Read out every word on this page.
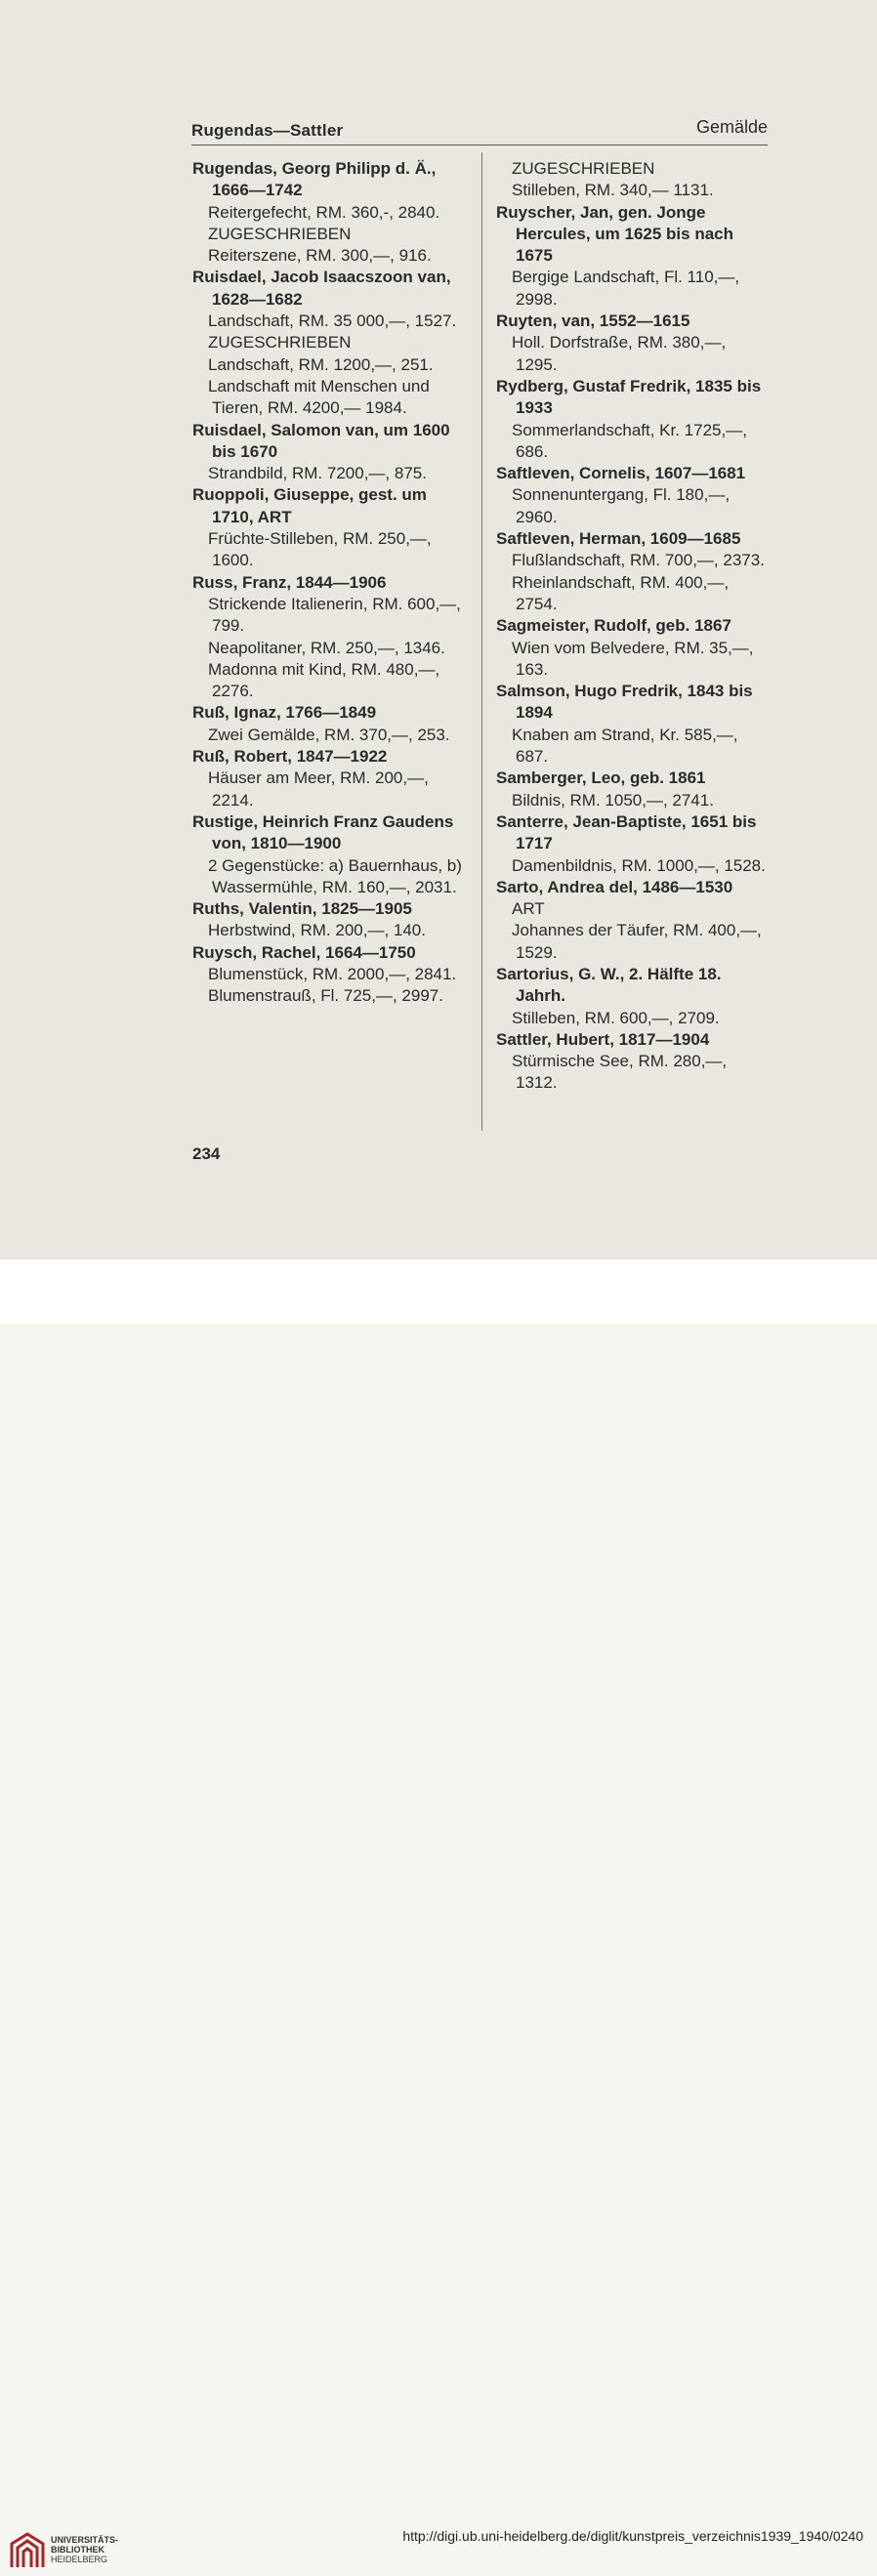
Rugendas—Sattler	Gemälde
Rugendas, Georg Philipp d. Ä., 1666—1742
Reitergefecht, RM. 360,-, 2840.
ZUGESCHRIEBEN
Reiterszene, RM. 300,—, 916.
Ruisdael, Jacob Isaacszoon van, 1628—1682
Landschaft, RM. 35 000,—, 1527.
ZUGESCHRIEBEN
Landschaft, RM. 1200,—, 251.
Landschaft mit Menschen und Tieren, RM. 4200,— 1984.
Ruisdael, Salomon van, um 1600 bis 1670
Strandbild, RM. 7200,—, 875.
Ruoppoli, Giuseppe, gest. um 1710, ART
Früchte-Stilleben, RM. 250,—, 1600.
Russ, Franz, 1844—1906
Strickende Italienerin, RM. 600,—, 799.
Neapolitaner, RM. 250,—, 1346.
Madonna mit Kind, RM. 480,—, 2276.
Ruß, Ignaz, 1766—1849
Zwei Gemälde, RM. 370,—, 253.
Ruß, Robert, 1847—1922
Häuser am Meer, RM. 200,—, 2214.
Rustige, Heinrich Franz Gaudens von, 1810—1900
2 Gegenstücke: a) Bauernhaus, b) Wassermühle, RM. 160,—, 2031.
Ruths, Valentin, 1825—1905
Herbstwind, RM. 200,—, 140.
Ruysch, Rachel, 1664—1750
Blumenstück, RM. 2000,—, 2841.
Blumenstrauß, Fl. 725,—, 2997.
ZUGESCHRIEBEN
Stilleben, RM. 340,— 1131.
Ruyscher, Jan, gen. Jonge Hercules, um 1625 bis nach 1675
Bergige Landschaft, Fl. 110,—, 2998.
Ruyten, van, 1552—1615
Holl. Dorfstraße, RM. 380,—, 1295.
Rydberg, Gustaf Fredrik, 1835 bis 1933
Sommerlandschaft, Kr. 1725,—, 686.
Saftleven, Cornelis, 1607—1681
Sonnenuntergang, Fl. 180,—, 2960.
Saftleven, Herman, 1609—1685
Flußlandschaft, RM. 700,—, 2373.
Rheinlandschaft, RM. 400,—, 2754.
Sagmeister, Rudolf, geb. 1867
Wien vom Belvedere, RM. 35,—, 163.
Salmson, Hugo Fredrik, 1843 bis 1894
Knaben am Strand, Kr. 585,—, 687.
Samberger, Leo, geb. 1861
Bildnis, RM. 1050,—, 2741.
Santerre, Jean-Baptiste, 1651 bis 1717
Damenbildnis, RM. 1000,—, 1528.
Sarto, Andrea del, 1486—1530
ART
Johannes der Täufer, RM. 400,—, 1529.
Sartorius, G. W., 2. Hälfte 18. Jahrh.
Stilleben, RM. 600,—, 2709.
Sattler, Hubert, 1817—1904
Stürmische See, RM. 280,—, 1312.
234
UNIVERSITÄTS-
BIBLIOTHEK
HEIDELBERG
http://digi.ub.uni-heidelberg.de/diglit/kunstpreis_verzeichnis1939_1940/0240
